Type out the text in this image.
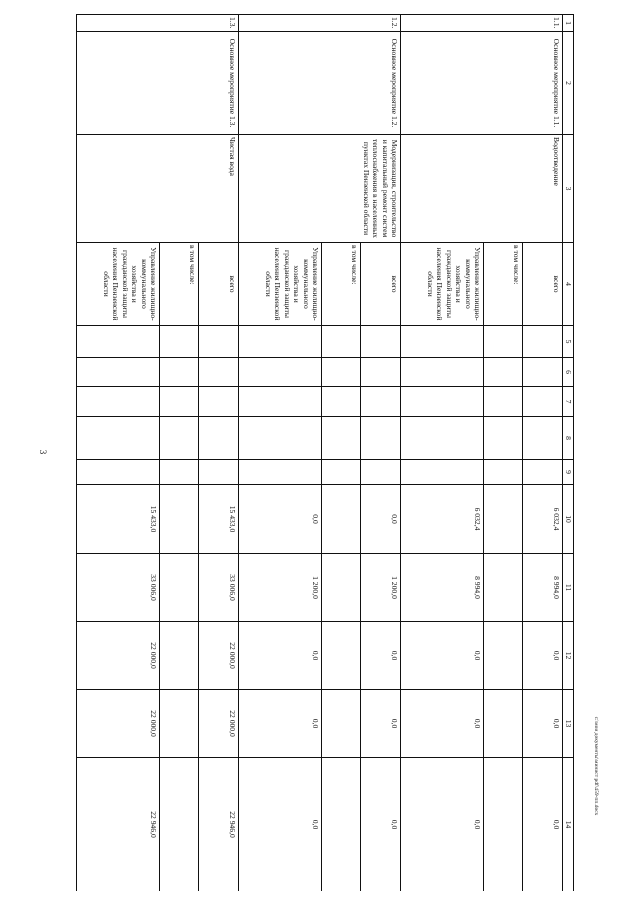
3
c:\мои документы\минист pdf\459-пп.docx
1	2	3	4	5	6	7	8	9	10	11	12	13	14
1.1.	Основное мероприятие 1.1.	Водоотведение	всего						6 032,4	8 994,0	0,0	0,0	0,0
			в том числе:										
			Управление жилищно-коммунального хозяйства и гражданской защиты населения Пензенской области						6 032,4	8 994,0	0,0	0,0	0,0
1.2.	Основное мероприятие 1.2.	Модернизация, строительство и капитальный ремонт систем теплоснабжения в населенных пунктах Пензенской области	всего						0,0	1 200,0	0,0	0,0	0,0
			в том числе:										
			Управление жилищно-коммунального хозяйства и гражданской защиты населения Пензенской области						0,0	1 200,0	0,0	0,0	0,0
1.3.	Основное мероприятие 1.3.	Чистая вода	всего						15 433,0	33 006,0	22 000,0	22 000,0	22 946,0
			в том числе:										
			Управление жилищно-коммунального хозяйства и гражданской защиты населения Пензенской области						15 433,0	33 006,0	22 000,0	22 000,0	22 946,0
